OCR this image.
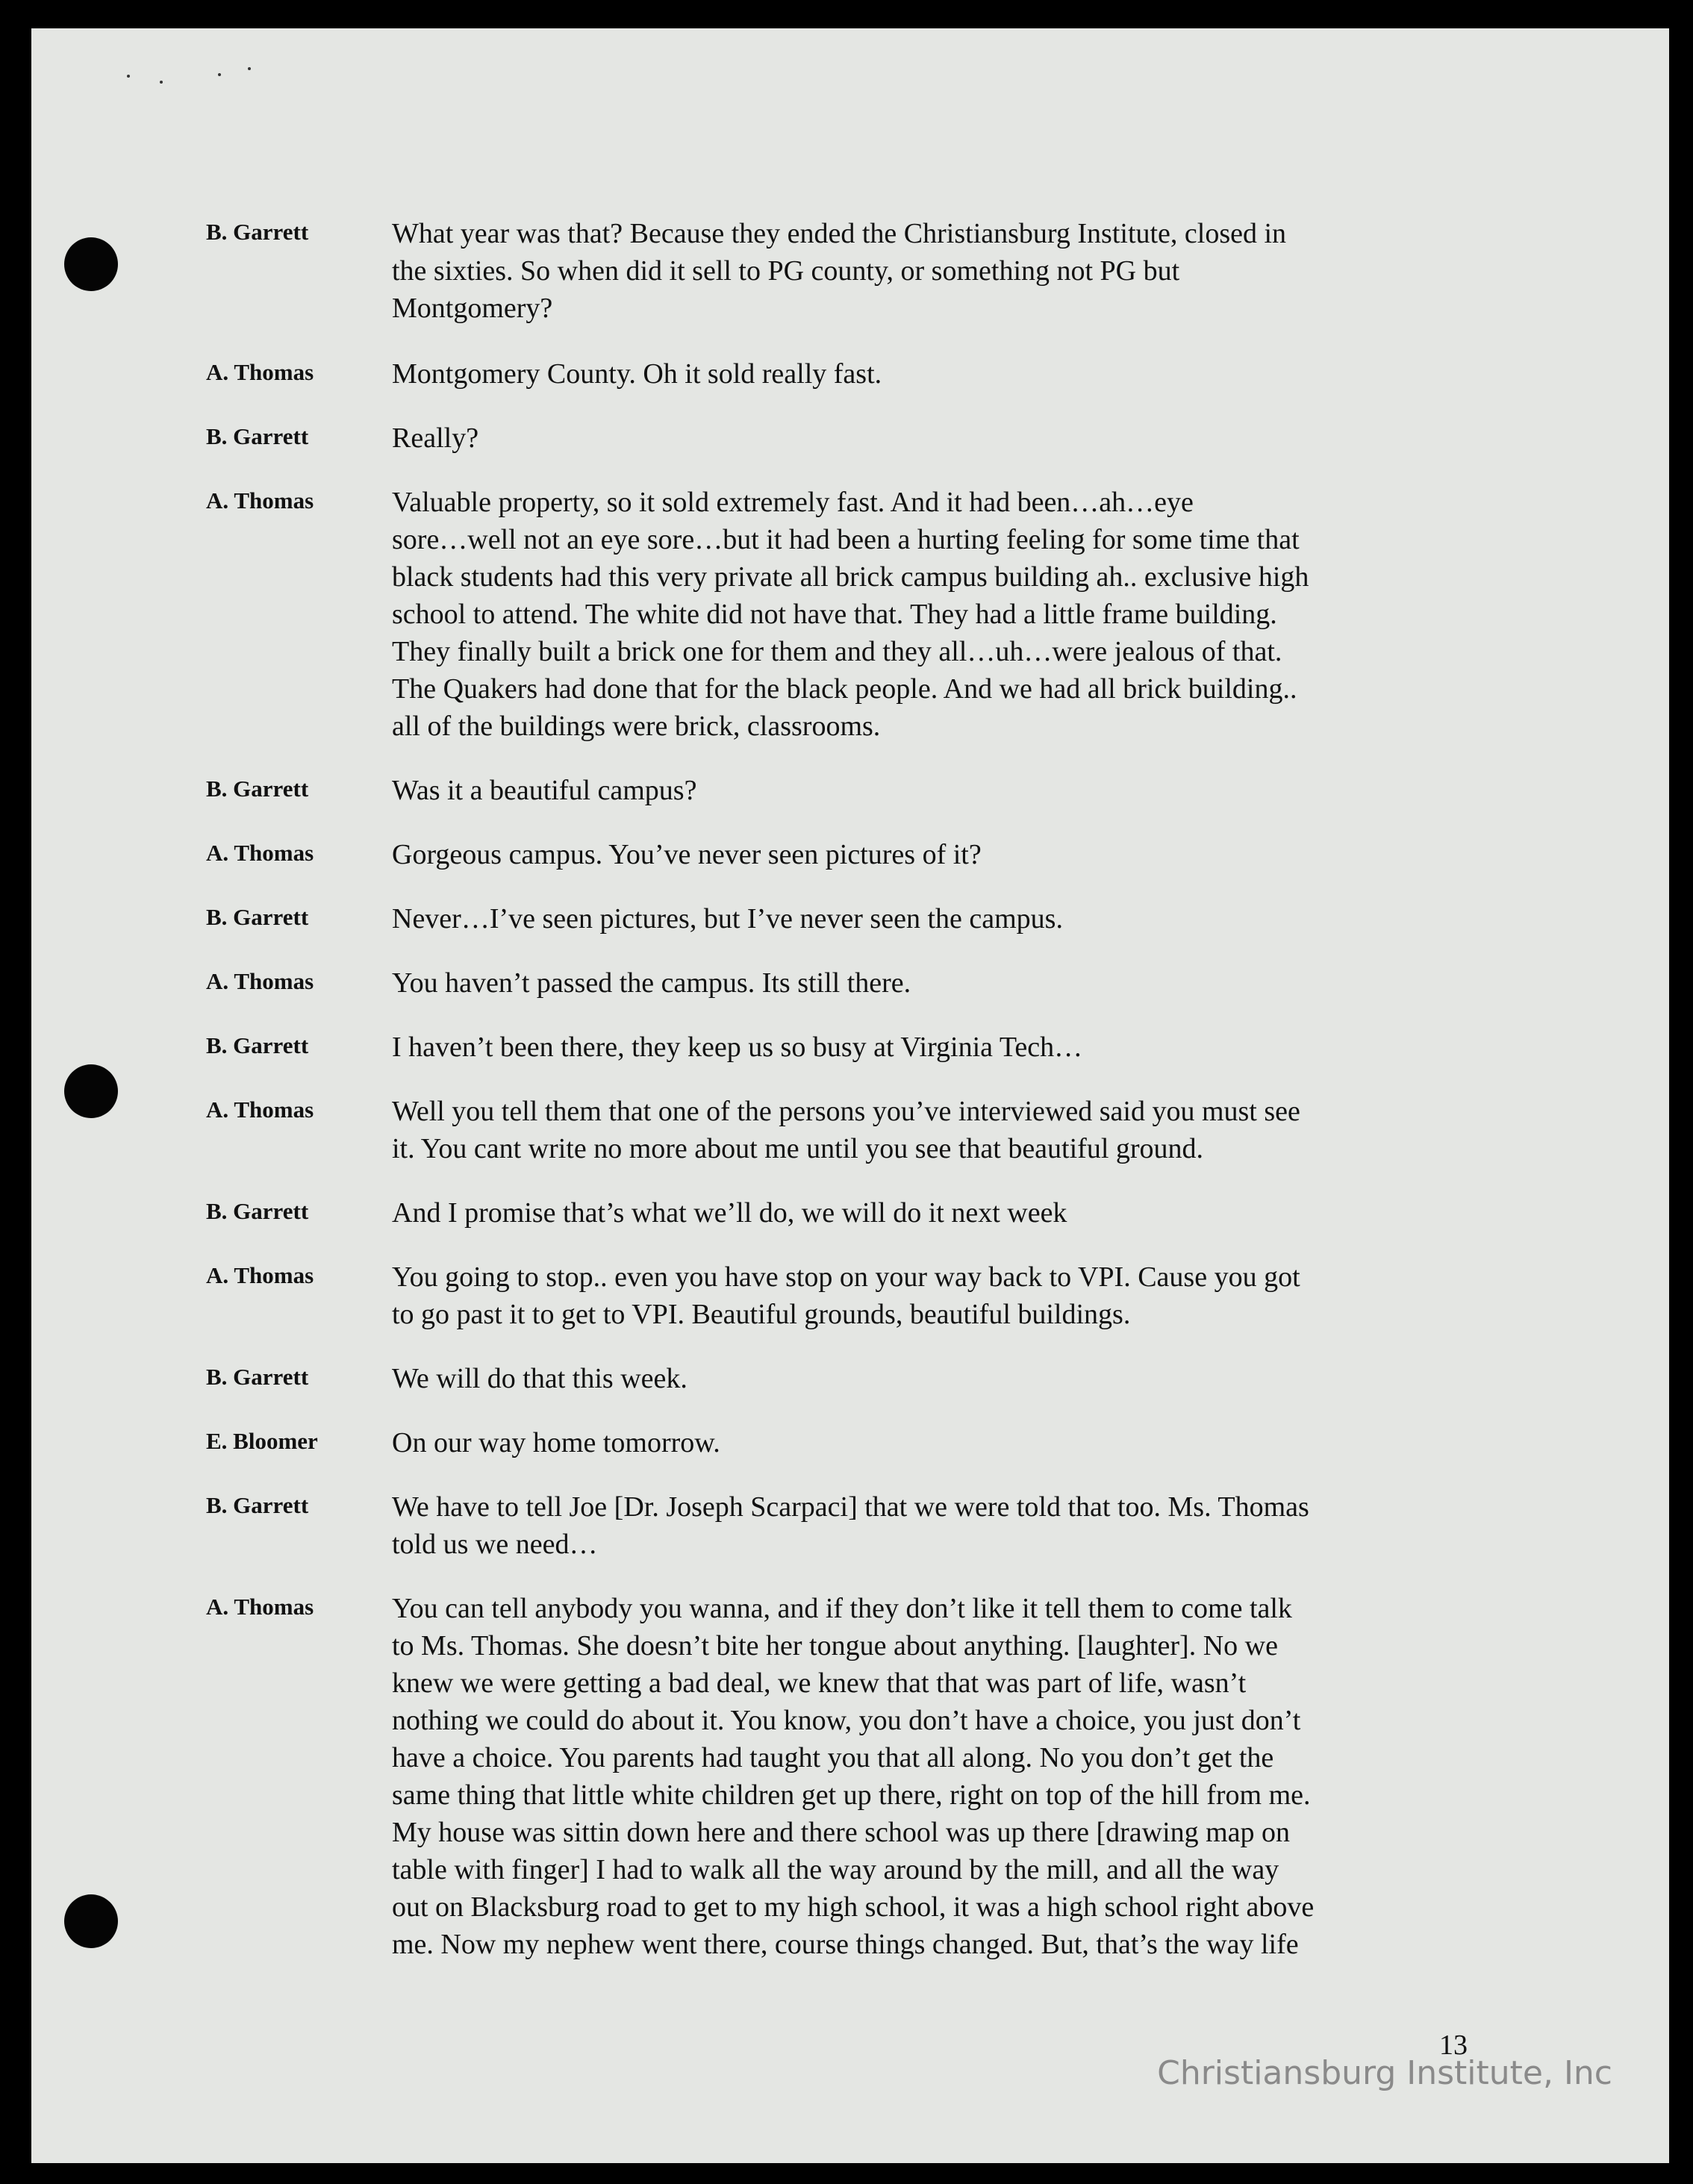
B. Garrett	What year was that? Because they ended the Christiansburg Institute, closed in
the sixties. So when did it sell to PG county, or something not PG but
Montgomery?
A. Thomas	Montgomery County. Oh it sold really fast.
B. Garrett	Really?
A. Thomas	Valuable property, so it sold extremely fast. And it had been…ah…eye
sore…well not an eye sore…but it had been a hurting feeling for some time that
black students had this very private all brick campus building ah.. exclusive high
school to attend. The white did not have that. They had a little frame building.
They finally built a brick one for them and they all…uh…were jealous of that.
The Quakers had done that for the black people. And we had all brick building..
all of the buildings were brick, classrooms.
B. Garrett	Was it a beautiful campus?
A. Thomas	Gorgeous campus. You’ve never seen pictures of it?
B. Garrett	Never…I’ve seen pictures, but I’ve never seen the campus.
A. Thomas	You haven’t passed the campus. Its still there.
B. Garrett	I haven’t been there, they keep us so busy at Virginia Tech…
A. Thomas	Well you tell them that one of the persons you’ve interviewed said you must see
it. You cant write no more about me until you see that beautiful ground.
B. Garrett	And I promise that’s what we’ll do, we will do it next week
A. Thomas	You going to stop.. even you have stop on your way back to VPI. Cause you got
to go past it to get to VPI. Beautiful grounds, beautiful buildings.
B. Garrett	We will do that this week.
E. Bloomer	On our way home tomorrow.
B. Garrett	We have to tell Joe [Dr. Joseph Scarpaci] that we were told that too. Ms. Thomas
told us we need…
A. Thomas	You can tell anybody you wanna, and if they don’t like it tell them to come talk
to Ms. Thomas. She doesn’t bite her tongue about anything. [laughter]. No we
knew we were getting a bad deal, we knew that that was part of life, wasn’t
nothing we could do about it. You know, you don’t have a choice, you just don’t
have a choice. You parents had taught you that all along. No you don’t get the
same thing that little white children get up there, right on top of the hill from me.
My house was sittin down here and there school was up there [drawing map on
table with finger] I had to walk all the way around by the mill, and all the way
out on Blacksburg road to get to my high school, it was a high school right above
me. Now my nephew went there, course things changed. But, that’s the way life
13
Christiansburg Institute, Inc
